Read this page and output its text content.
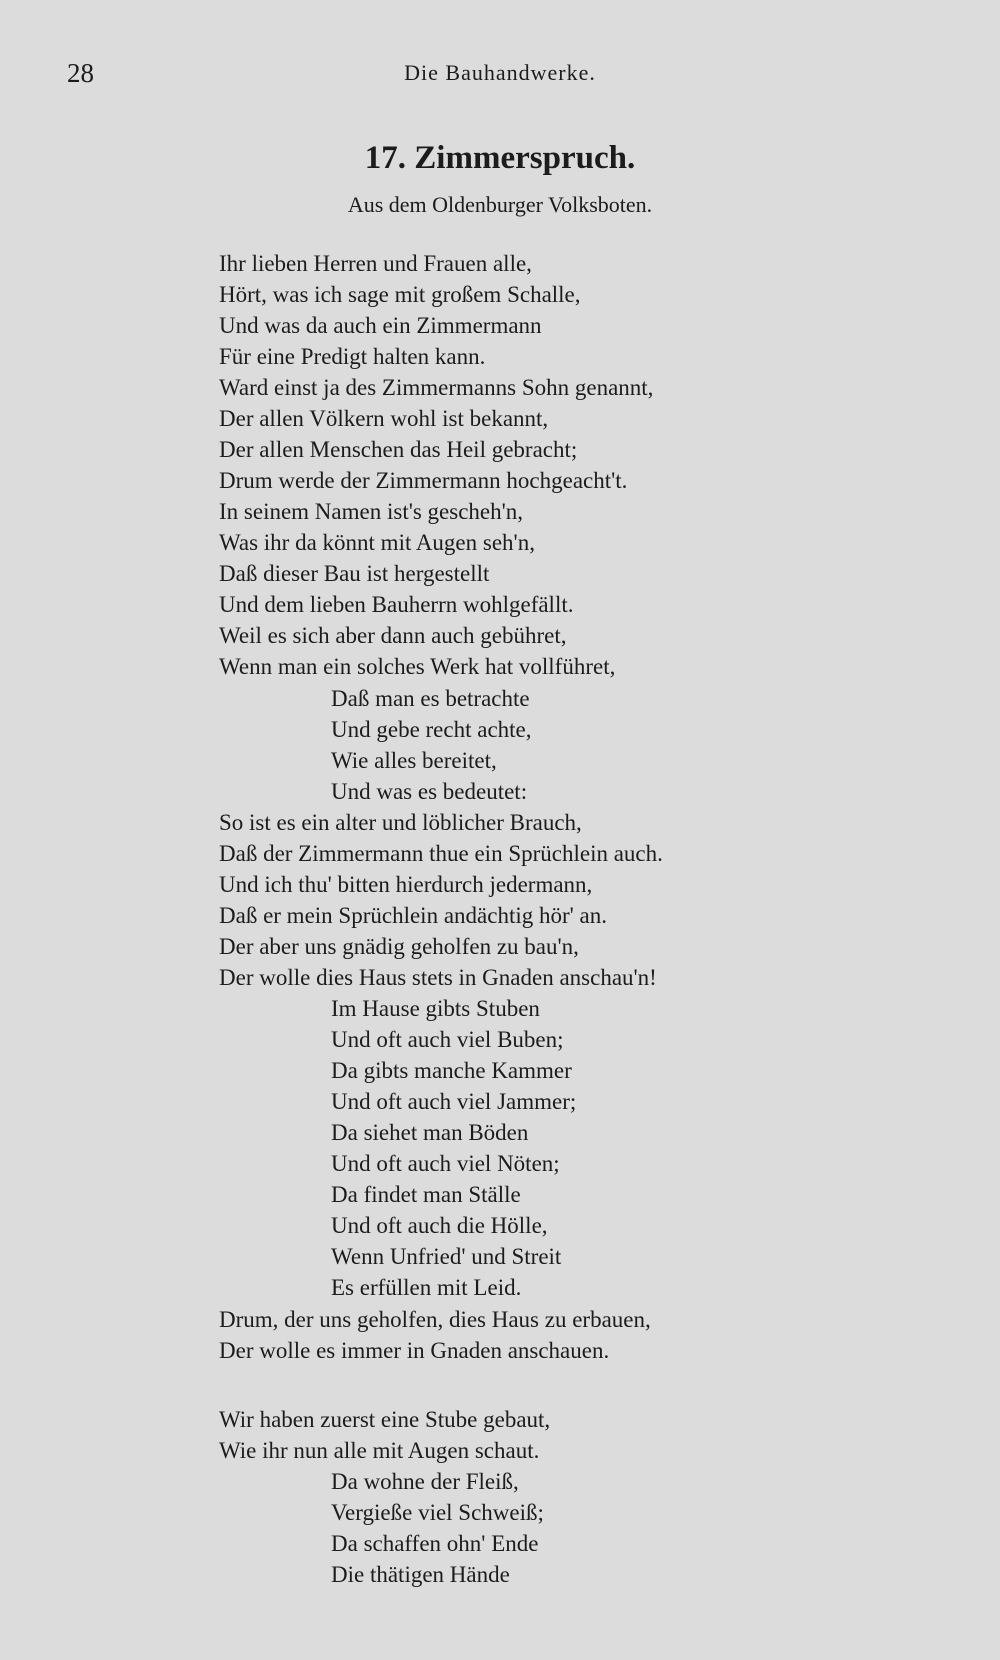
28	Die Bauhandwerke.
17. Zimmerspruch.
Aus dem Oldenburger Volksboten.
Ihr lieben Herren und Frauen alle,
Hört, was ich sage mit großem Schalle,
Und was da auch ein Zimmermann
Für eine Predigt halten kann.
Ward einst ja des Zimmermanns Sohn genannt,
Der allen Völkern wohl ist bekannt,
Der allen Menschen das Heil gebracht;
Drum werde der Zimmermann hochgeacht't.
In seinem Namen ist's gescheh'n,
Was ihr da könnt mit Augen seh'n,
Daß dieser Bau ist hergestellt
Und dem lieben Bauherrn wohlgefällt.
Weil es sich aber dann auch gebühret,
Wenn man ein solches Werk hat vollführet,
Daß man es betrachte
Und gebe recht achte,
Wie alles bereitet,
Und was es bedeutet:
So ist es ein alter und löblicher Brauch,
Daß der Zimmermann thue ein Sprüchlein auch.
Und ich thu' bitten hierdurch jedermann,
Daß er mein Sprüchlein andächtig hör' an.
Der aber uns gnädig geholfen zu bau'n,
Der wolle dies Haus stets in Gnaden anschau'n!
Im Hause gibts Stuben
Und oft auch viel Buben;
Da gibts manche Kammer
Und oft auch viel Jammer;
Da siehet man Böden
Und oft auch viel Nöten;
Da findet man Ställe
Und oft auch die Hölle,
Wenn Unfried' und Streit
Es erfüllen mit Leid.
Drum, der uns geholfen, dies Haus zu erbauen,
Der wolle es immer in Gnaden anschauen.
Wir haben zuerst eine Stube gebaut,
Wie ihr nun alle mit Augen schaut.
Da wohne der Fleiß,
Vergieße viel Schweiß;
Da schaffen ohn' Ende
Die thätigen Hände
